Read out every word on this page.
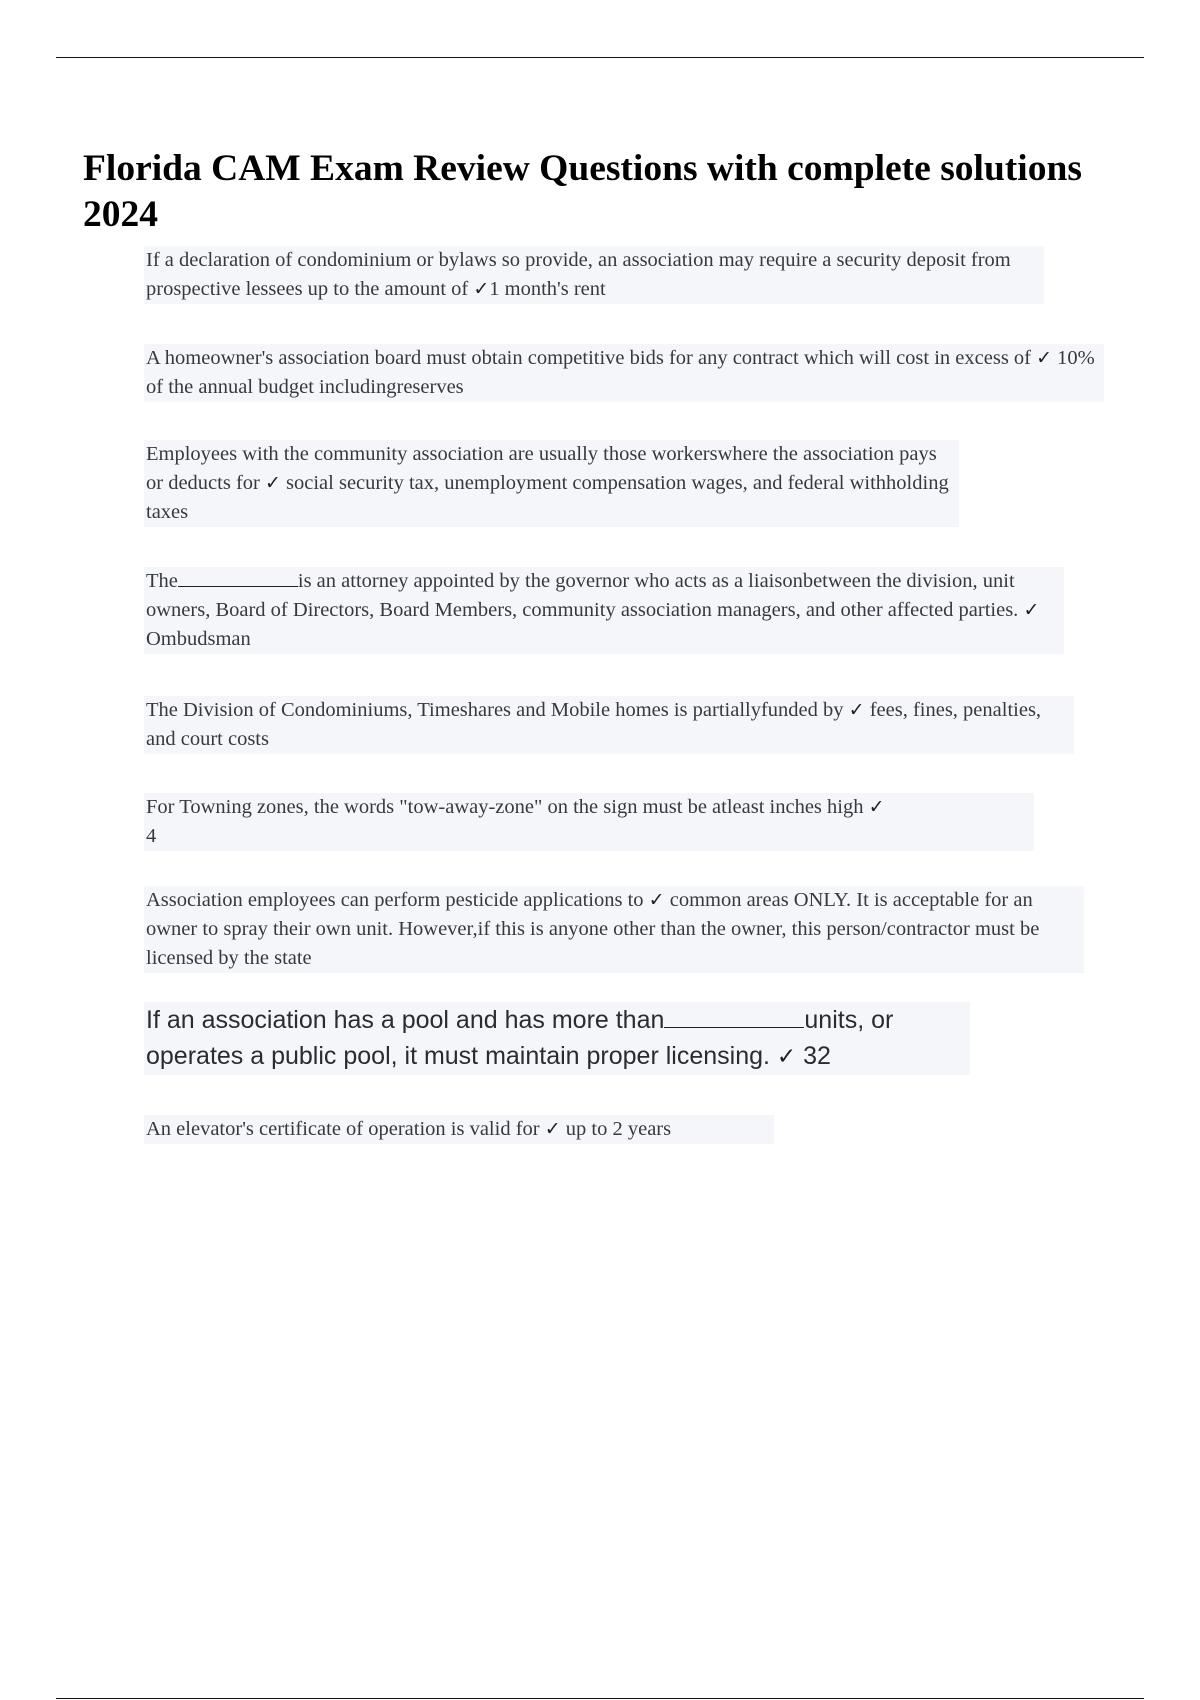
Florida CAM Exam Review Questions with complete solutions 2024
If a declaration of condominium or bylaws so provide, an association may require a security deposit from prospective lessees up to the amount of ✓1 month's rent
A homeowner's association board must obtain competitive bids for any contract which will cost in excess of ✓ 10% of the annual budget includingreserves
Employees with the community association are usually those workerswhere the association pays or deducts for ✓ social security tax, unemployment compensation wages, and federal withholding taxes
The	is an attorney appointed by the governor who acts as a liaisonbetween the division, unit owners, Board of Directors, Board Members, community association managers, and other affected parties. ✓ Ombudsman
The Division of Condominiums, Timeshares and Mobile homes is partiallyfunded by ✓ fees, fines, penalties, and court costs
For Towning zones, the words "tow-away-zone" on the sign must be atleast inches high ✓
4
Association employees can perform pesticide applications to ✓ common areas ONLY. It is acceptable for an owner to spray their own unit. However,if this is anyone other than the owner, this person/contractor must be licensed by the state
If an association has a pool and has more than	units, or operates a public pool, it must maintain proper licensing. ✓ 32
An elevator's certificate of operation is valid for ✓ up to 2 years
